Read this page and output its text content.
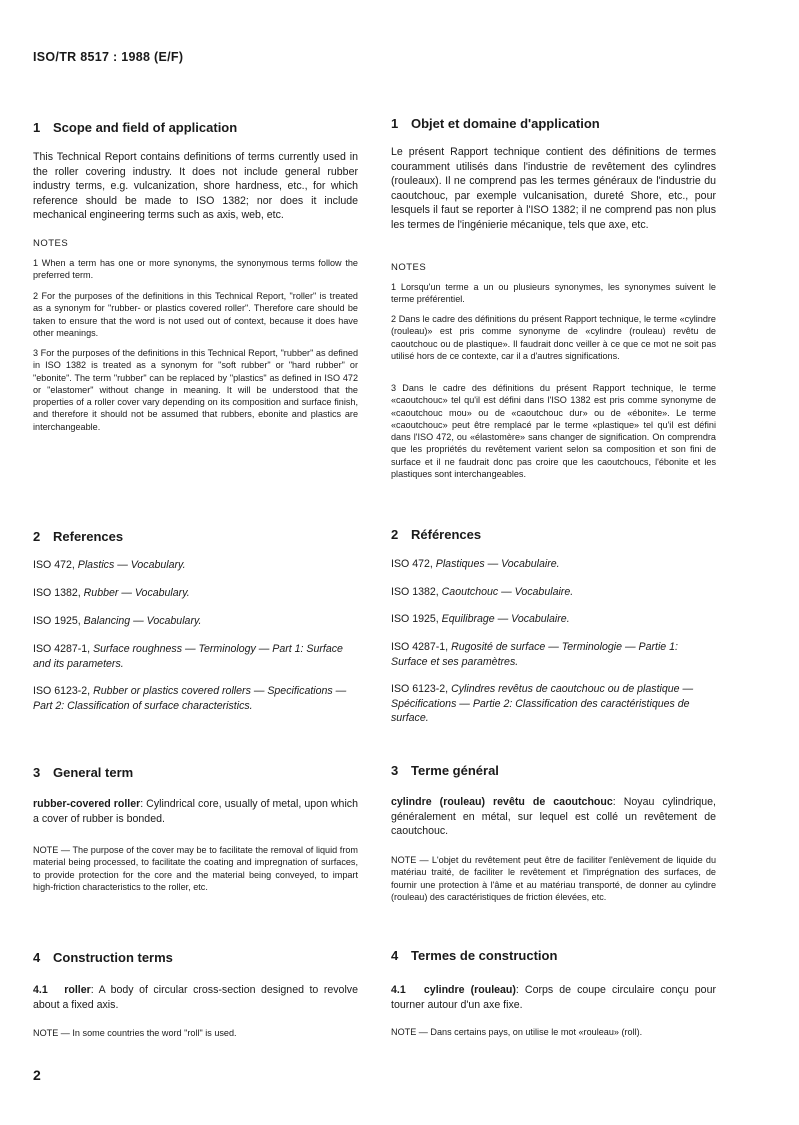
ISO/TR 8517 : 1988 (E/F)
1 Scope and field of application

This Technical Report contains definitions of terms currently used in the roller covering industry. It does not include general rubber industry terms, e.g. vulcanization, shore hardness, etc., for which reference should be made to ISO 1382; nor does it include mechanical engineering terms such as axis, web, etc.

NOTES

1 When a term has one or more synonyms, the synonymous terms follow the preferred term.

2 For the purposes of the definitions in this Technical Report, "roller" is treated as a synonym for "rubber- or plastics covered roller". Therefore care should be taken to ensure that the word is not used out of context, because it does have other meanings.

3 For the purposes of the definitions in this Technical Report, "rubber" as defined in ISO 1382 is treated as a synonym for "soft rubber" or "hard rubber" or "ebonite". The term "rubber" can be replaced by "plastics" as defined in ISO 472 or "elastomer" without change in meaning. It will be understood that the properties of a roller cover vary depending on its composition and surface finish, and therefore it should not be assumed that rubbers, ebonite and plastics are interchangeable.

2 References

ISO 472, Plastics — Vocabulary.

ISO 1382, Rubber — Vocabulary.

ISO 1925, Balancing — Vocabulary.

ISO 4287-1, Surface roughness — Terminology — Part 1: Surface and its parameters.

ISO 6123-2, Rubber or plastics covered rollers — Specifications — Part 2: Classification of surface characteristics.

3 General term

rubber-covered roller: Cylindrical core, usually of metal, upon which a cover of rubber is bonded.

NOTE — The purpose of the cover may be to facilitate the removal of liquid from material being processed, to facilitate the coating and impregnation of surfaces, to provide protection for the core and the material being conveyed, to impart high-friction characteristics to the roller, etc.

4 Construction terms

4.1   roller: A body of circular cross-section designed to revolve about a fixed axis.

NOTE — In some countries the word "roll" is used.

1 Objet et domaine d'application

Le présent Rapport technique contient des définitions de termes couramment utilisés dans l'industrie de revêtement des cylindres (rouleaux). Il ne comprend pas les termes généraux de l'industrie du caoutchouc, par exemple vulcanisation, dureté Shore, etc., pour lesquels il faut se reporter à l'ISO 1382; il ne comprend pas non plus les termes de l'ingénierie mécanique, tels que axe, etc.

NOTES

1 Lorsqu'un terme a un ou plusieurs synonymes, les synonymes suivent le terme préférentiel.

2 Dans le cadre des définitions du présent Rapport technique, le terme «cylindre (rouleau)» est pris comme synonyme de «cylindre (rouleau) revêtu de caoutchouc ou de plastique». Il faudrait donc veiller à ce que ce mot ne soit pas utilisé hors de ce contexte, car il a d'autres significations.

3 Dans le cadre des définitions du présent Rapport technique, le terme «caoutchouc» tel qu'il est défini dans l'ISO 1382 est pris comme synonyme de «caoutchouc mou» ou de «caoutchouc dur» ou de «ébonite». Le terme «caoutchouc» peut être remplacé par le terme «plastique» tel qu'il est défini dans l'ISO 472, ou «élastomère» sans changer de signification. On comprendra que les propriétés du revêtement varient selon sa composition et son fini de surface et il ne faudrait donc pas croire que les caoutchoucs, l'ébonite et les plastiques sont interchangeables.

2 Références

ISO 472, Plastiques — Vocabulaire.

ISO 1382, Caoutchouc — Vocabulaire.

ISO 1925, Equilibrage — Vocabulaire.

ISO 4287-1, Rugosité de surface — Terminologie — Partie 1: Surface et ses paramètres.

ISO 6123-2, Cylindres revêtus de caoutchouc ou de plastique — Spécifications — Partie 2: Classification des caractéristiques de surface.

3 Terme général

cylindre (rouleau) revêtu de caoutchouc: Noyau cylindrique, généralement en métal, sur lequel est collé un revêtement de caoutchouc.

NOTE — L'objet du revêtement peut être de faciliter l'enlèvement de liquide du matériau traité, de faciliter le revêtement et l'imprégnation des surfaces, de fournir une protection à l'âme et au matériau transporté, de donner au cylindre (rouleau) des caractéristiques de friction élevées, etc.

4 Termes de construction

4.1   cylindre (rouleau): Corps de coupe circulaire conçu pour tourner autour d'un axe fixe.

NOTE — Dans certains pays, on utilise le mot «rouleau» (roll).

2
